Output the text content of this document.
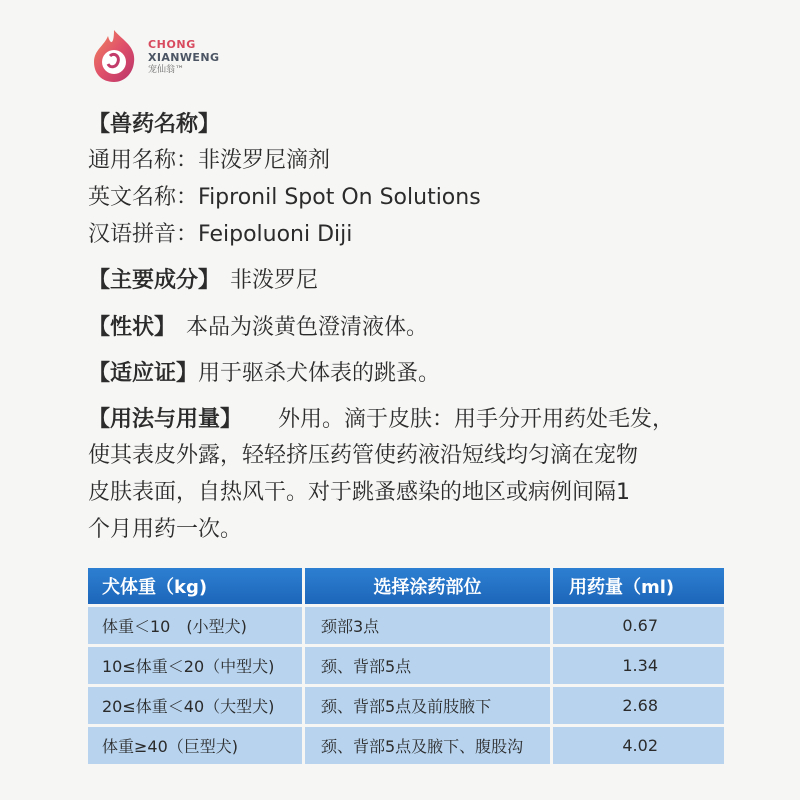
CHONG
XIANWENG
宠仙翁™
【兽药名称】
通用名称：非泼罗尼滴剂
英文名称：Fipronil Spot On Solutions
汉语拼音：Feipoluoni Diji
【主要成分】 非泼罗尼
【性状】 本品为淡黄色澄清液体。
【适应证】用于驱杀犬体表的跳蚤。
【用法与用量】 外用。滴于皮肤：用手分开用药处毛发，
使其表皮外露，轻轻挤压药管使药液沿短线均匀滴在宠物
皮肤表面，自热风干。对于跳蚤感染的地区或病例间隔1
个月用药一次。
犬体重（kg)	选择涂药部位	用药量（ml)
体重＜10　(小型犬)	颈部3点	0.67
10≤体重＜20（中型犬)	颈、背部5点	1.34
20≤体重＜40（大型犬)	颈、背部5点及前肢腋下	2.68
体重≥40（巨型犬)	颈、背部5点及腋下、腹股沟	4.02
